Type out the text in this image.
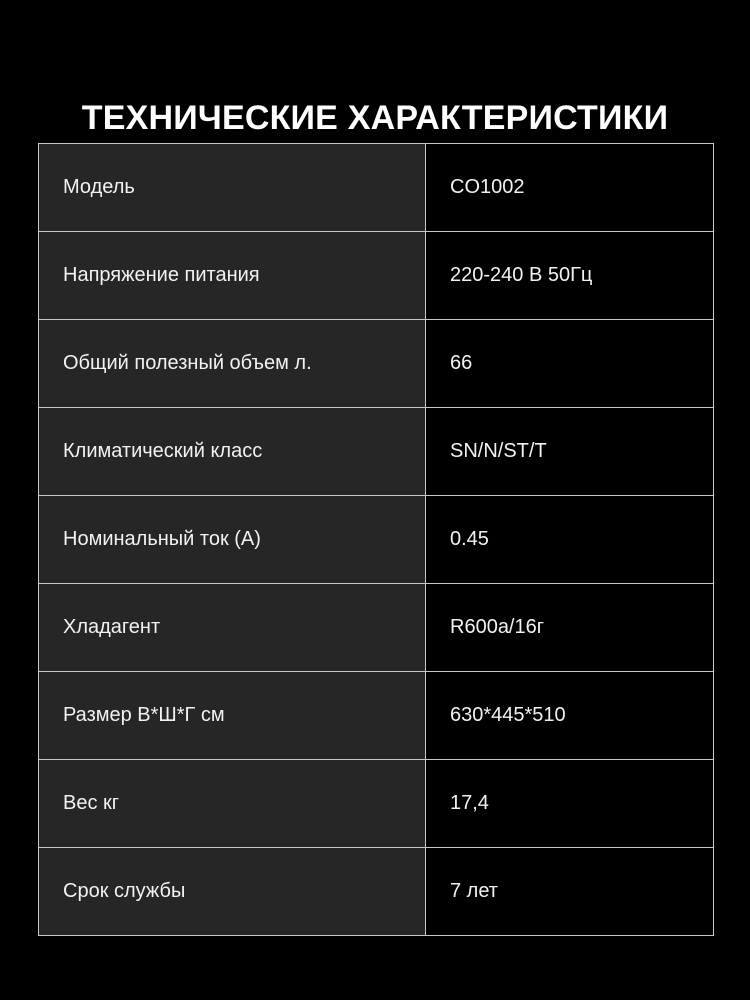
ТЕХНИЧЕСКИЕ ХАРАКТЕРИСТИКИ
Модель	CO1002
Напряжение питания	220-240 В 50Гц
Общий полезный объем л.	66
Климатический класс	SN/N/ST/T
Номинальный ток (А)	0.45
Хладагент	R600a/16г
Размер В*Ш*Г см	630*445*510
Вес кг	17,4
Срок службы	7 лет
